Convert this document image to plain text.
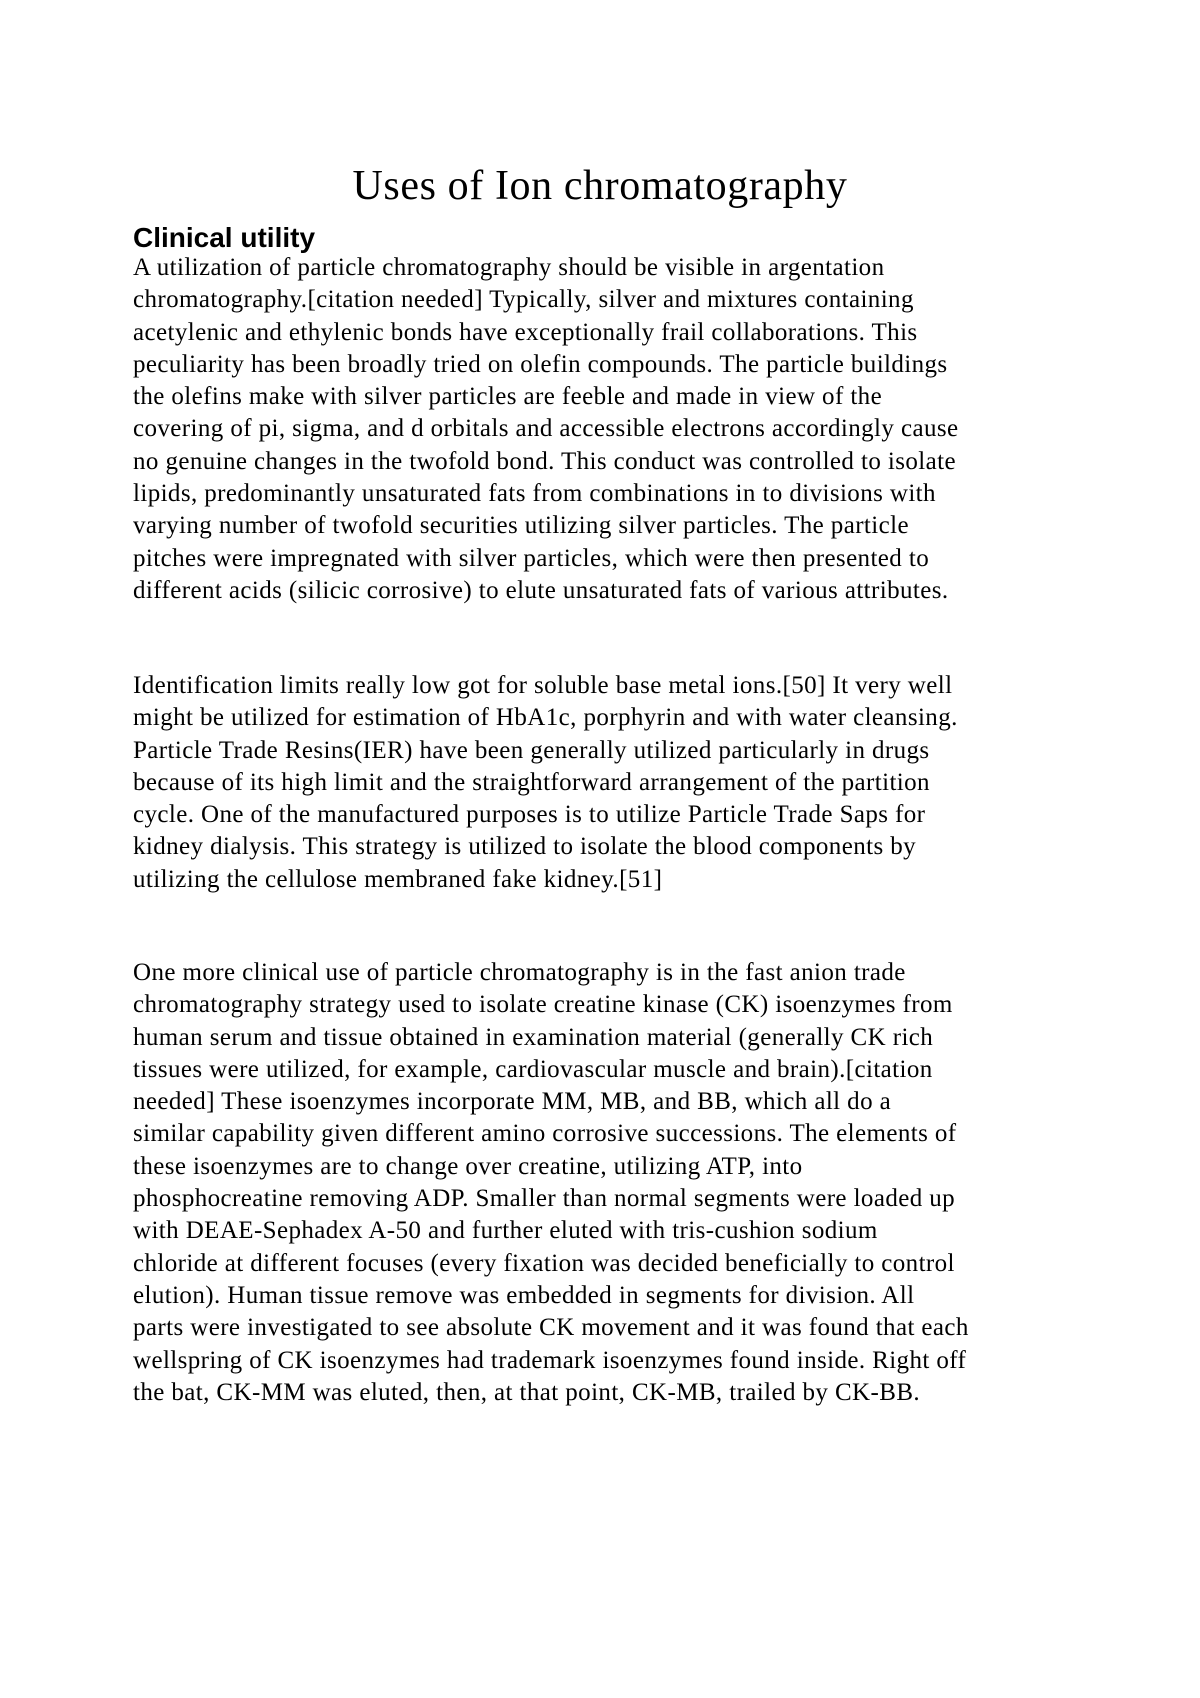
Uses of Ion chromatography
Clinical utility
A utilization of particle chromatography should be visible in argentation
chromatography.[citation needed] Typically, silver and mixtures containing
acetylenic and ethylenic bonds have exceptionally frail collaborations. This
peculiarity has been broadly tried on olefin compounds. The particle buildings
the olefins make with silver particles are feeble and made in view of the
covering of pi, sigma, and d orbitals and accessible electrons accordingly cause
no genuine changes in the twofold bond. This conduct was controlled to isolate
lipids, predominantly unsaturated fats from combinations in to divisions with
varying number of twofold securities utilizing silver particles. The particle
pitches were impregnated with silver particles, which were then presented to
different acids (silicic corrosive) to elute unsaturated fats of various attributes.
Identification limits really low got for soluble base metal ions.[50] It very well
might be utilized for estimation of HbA1c, porphyrin and with water cleansing.
Particle Trade Resins(IER) have been generally utilized particularly in drugs
because of its high limit and the straightforward arrangement of the partition
cycle. One of the manufactured purposes is to utilize Particle Trade Saps for
kidney dialysis. This strategy is utilized to isolate the blood components by
utilizing the cellulose membraned fake kidney.[51]
One more clinical use of particle chromatography is in the fast anion trade
chromatography strategy used to isolate creatine kinase (CK) isoenzymes from
human serum and tissue obtained in examination material (generally CK rich
tissues were utilized, for example, cardiovascular muscle and brain).[citation
needed] These isoenzymes incorporate MM, MB, and BB, which all do a
similar capability given different amino corrosive successions. The elements of
these isoenzymes are to change over creatine, utilizing ATP, into
phosphocreatine removing ADP. Smaller than normal segments were loaded up
with DEAE-Sephadex A-50 and further eluted with tris-cushion sodium
chloride at different focuses (every fixation was decided beneficially to control
elution). Human tissue remove was embedded in segments for division. All
parts were investigated to see absolute CK movement and it was found that each
wellspring of CK isoenzymes had trademark isoenzymes found inside. Right off
the bat, CK-MM was eluted, then, at that point, CK-MB, trailed by CK-BB.
